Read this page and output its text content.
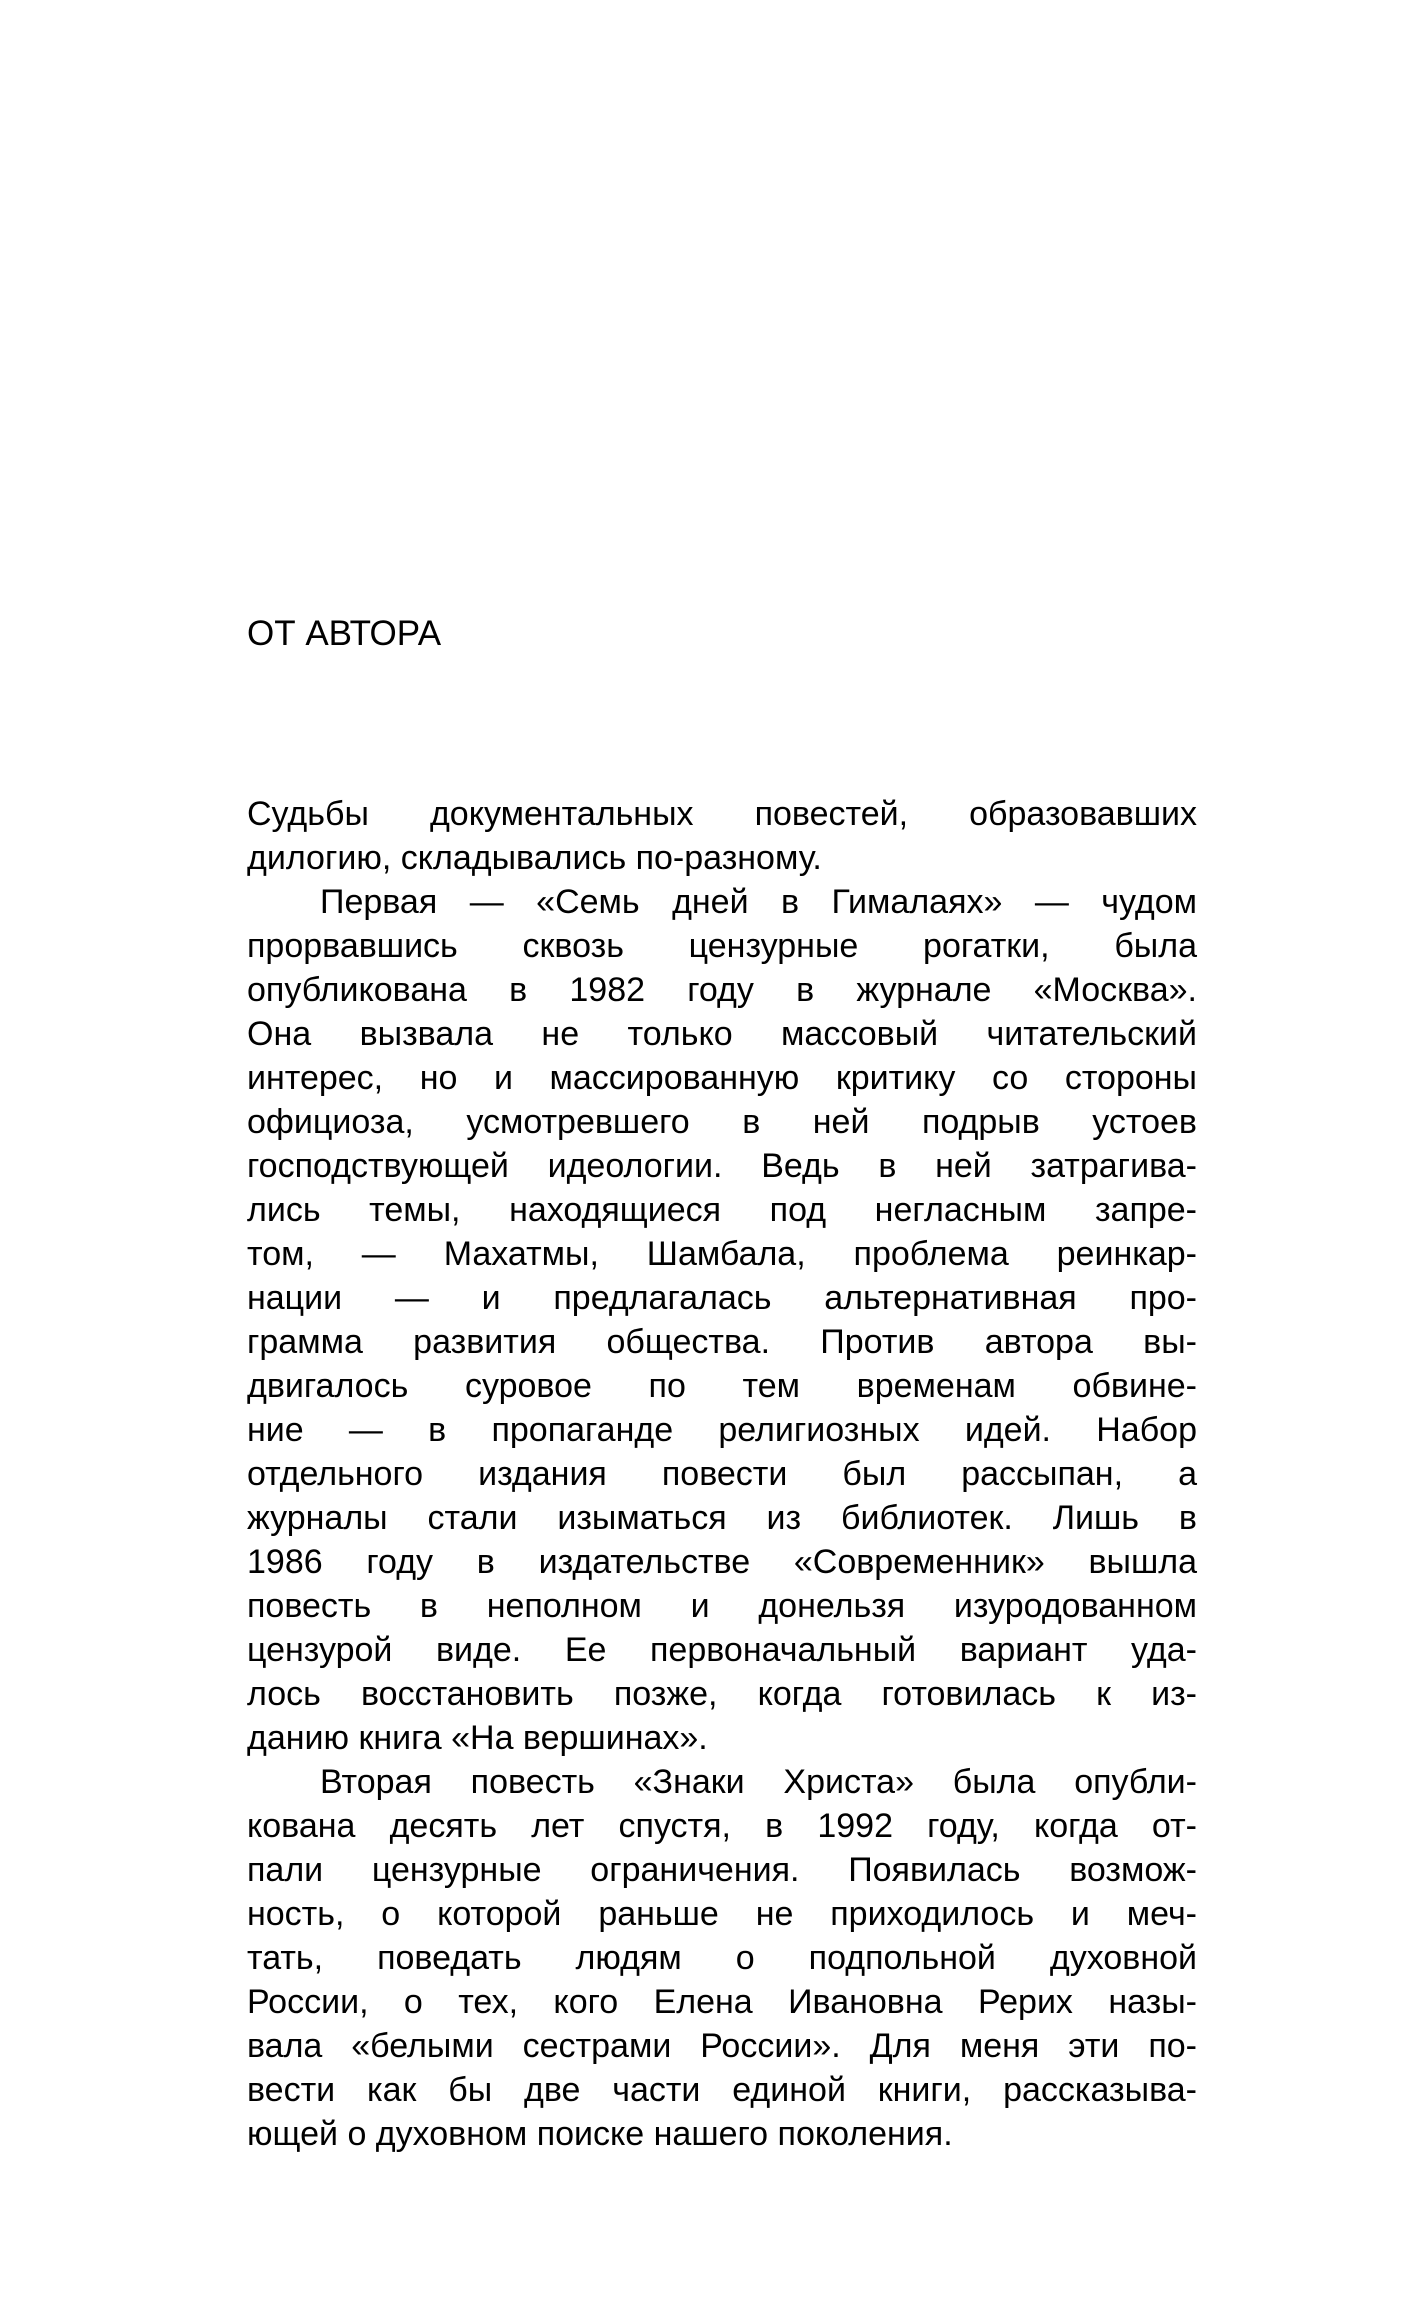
ОТ АВТОРА

Судьбы документальных повестей, образовавших
дилогию, складывались по-разному.

Первая — «Семь дней в Гималаях» — чудом
прорвавшись сквозь цензурные рогатки, была
опубликована в 1982 году в журнале «Москва».
Она вызвала не только массовый читательский
интерес, но и массированную критику со стороны
официоза, усмотревшего в ней подрыв устоев
господствующей идеологии. Ведь в ней затрагива-
лись темы, находящиеся под негласным запре-
том, — Махатмы, Шамбала, проблема реинкар-
нации — и предлагалась альтернативная про-
грамма развития общества. Против автора вы-
двигалось суровое по тем временам обвине-
ние — в пропаганде религиозных идей. Набор
отдельного издания повести был рассыпан, а
журналы стали изыматься из библиотек. Лишь в
1986 году в издательстве «Современник» вышла
повесть в неполном и донельзя изуродованном
цензурой виде. Ее первоначальный вариант уда-
лось восстановить позже, когда готовилась к из-
данию книга «На вершинах».

Вторая повесть «Знаки Христа» была опубли-
кована десять лет спустя, в 1992 году, когда от-
пали цензурные ограничения. Появилась возмож-
ность, о которой раньше не приходилось и меч-
тать, поведать людям о подпольной духовной
России, о тех, кого Елена Ивановна Рерих назы-
вала «белыми сестрами России». Для меня эти по-
вести как бы две части единой книги, рассказыва-
ющей о духовном поиске нашего поколения.
